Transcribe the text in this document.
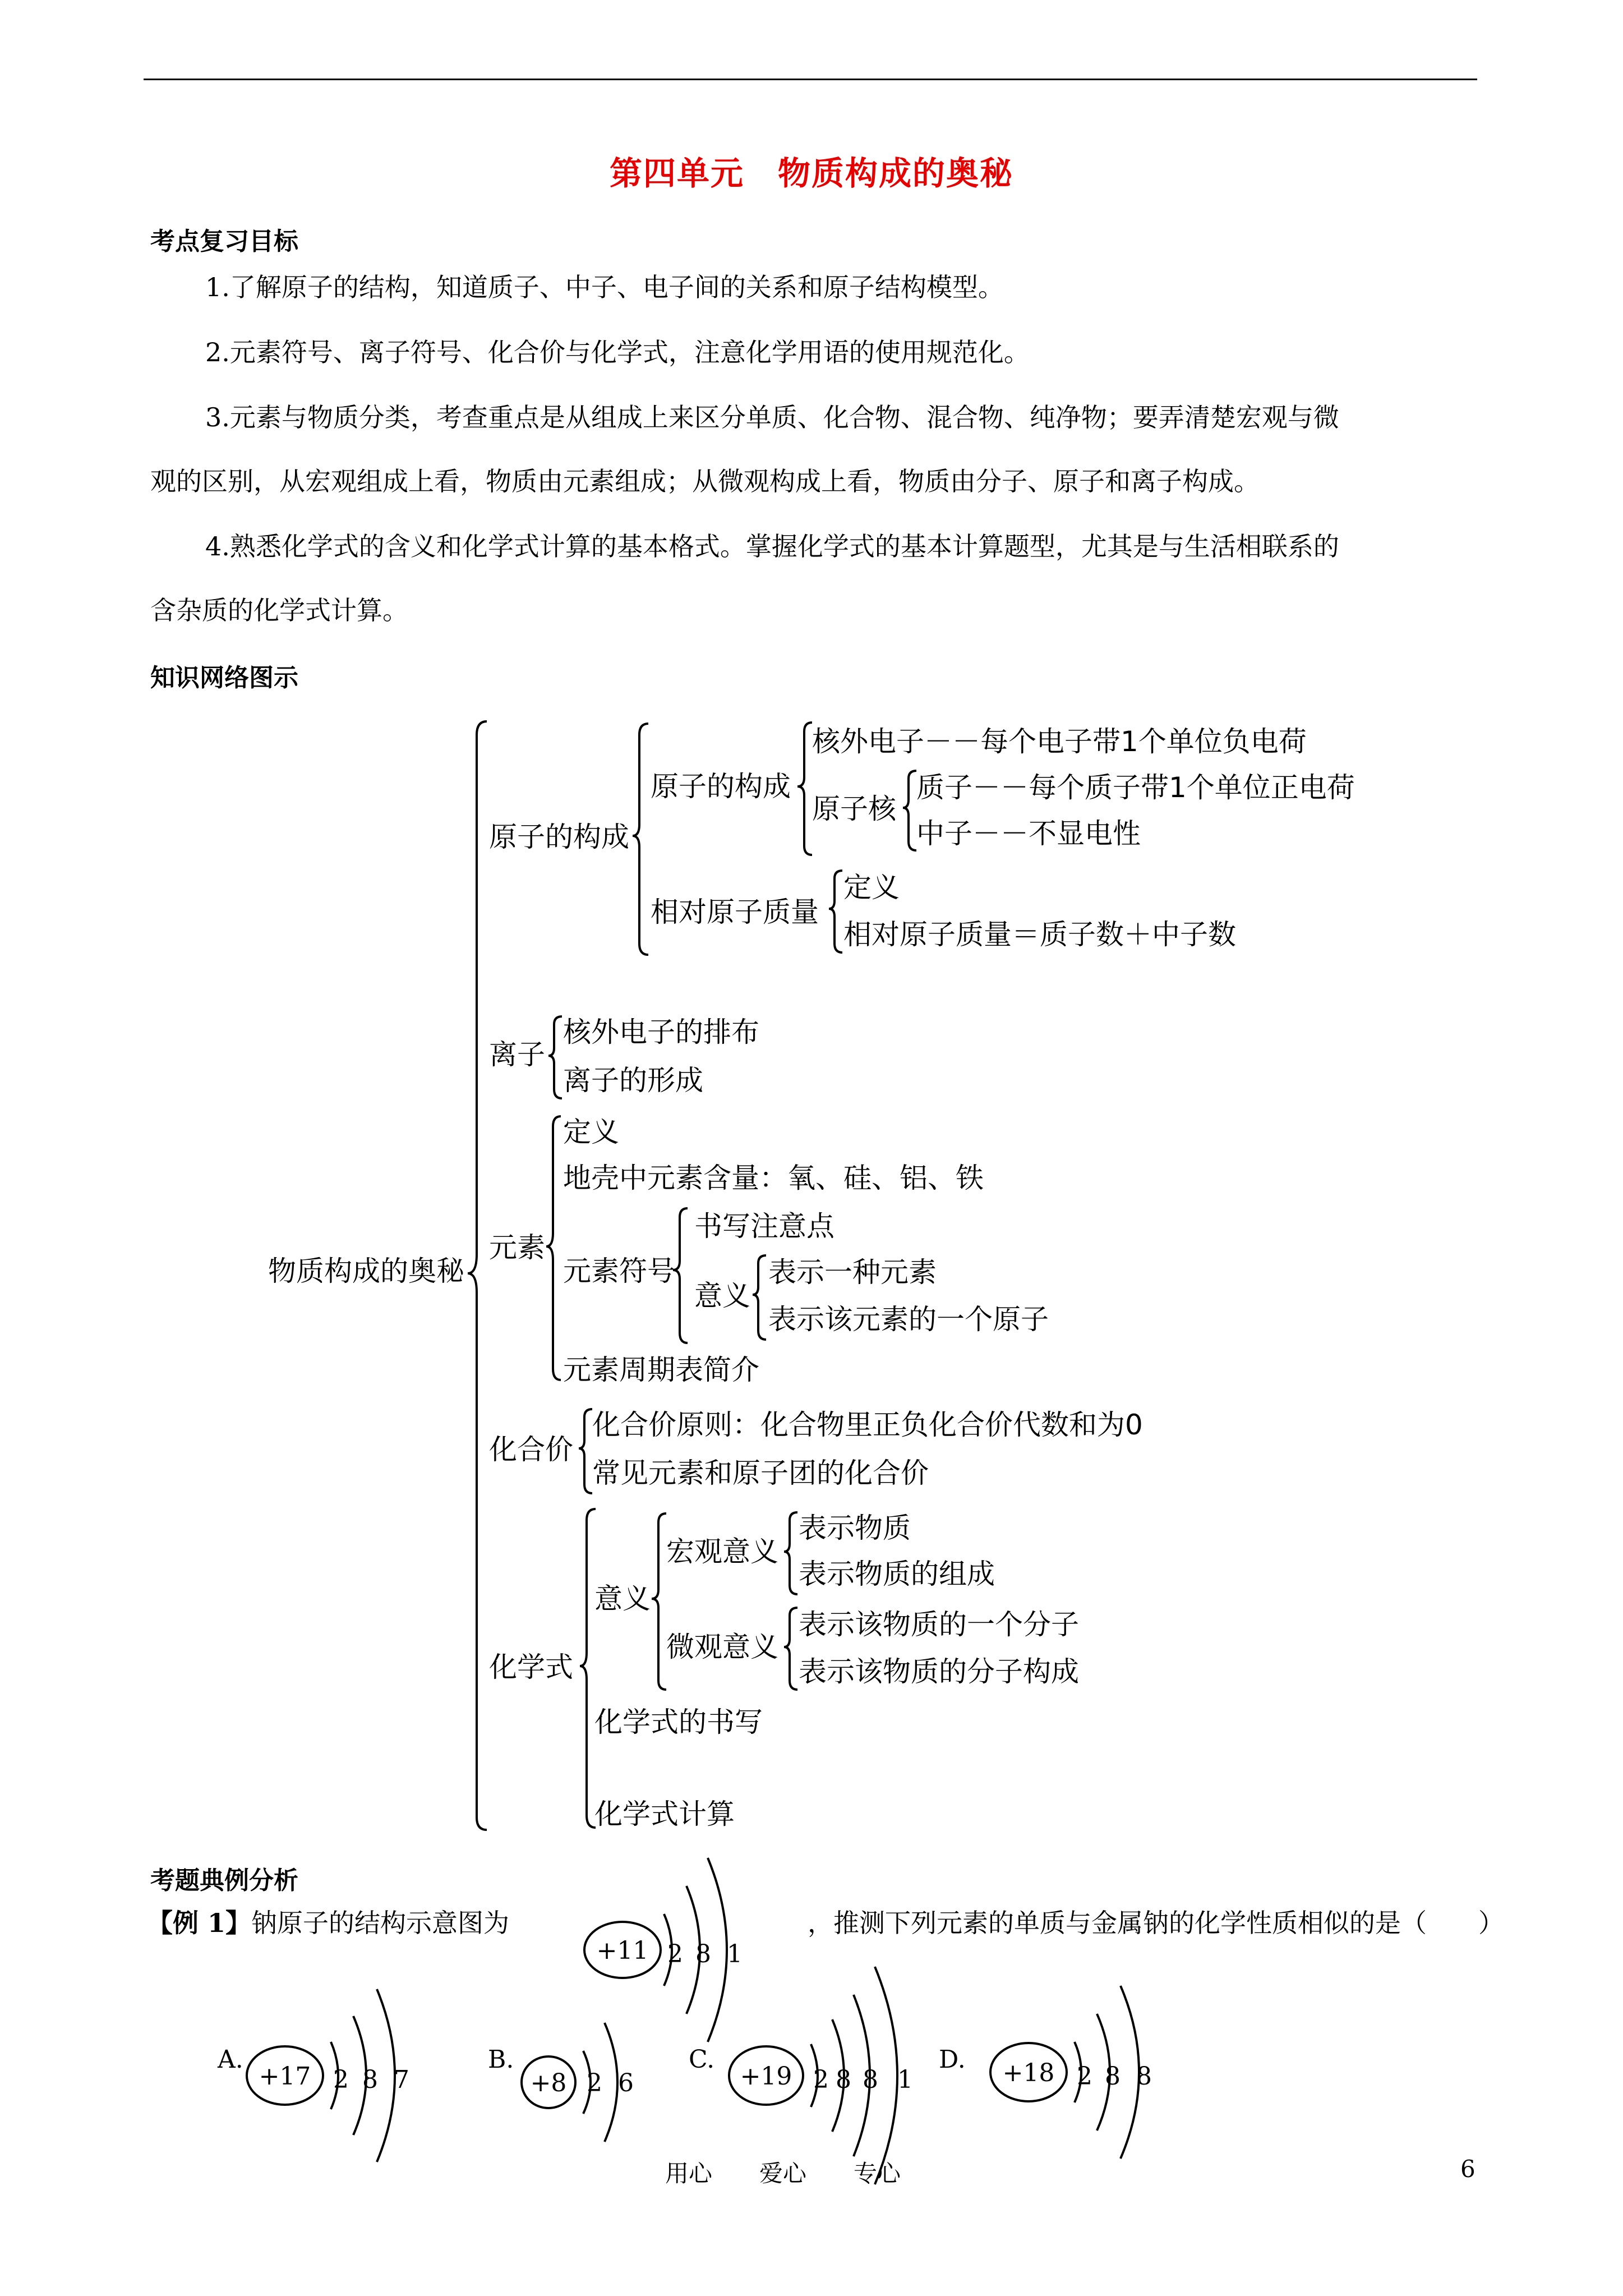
第四单元　物质构成的奥秘
考点复习目标
1.了解原子的结构，知道质子、中子、电子间的关系和原子结构模型。
2.元素符号、离子符号、化合价与化学式，注意化学用语的使用规范化。
3.元素与物质分类，考查重点是从组成上来区分单质、化合物、混合物、纯净物；要弄清楚宏观与微
观的区别，从宏观组成上看，物质由元素组成；从微观构成上看，物质由分子、原子和离子构成。
4.熟悉化学式的含义和化学式计算的基本格式。掌握化学式的基本计算题型，尤其是与生活相联系的
含杂质的化学式计算。
知识网络图示
物质构成的奥秘
原子的构成
原子的构成
核外电子－－每个电子带1个单位负电荷
原子核
质子－－每个质子带1个单位正电荷
中子－－不显电性
相对原子质量
定义
相对原子质量＝质子数＋中子数
离子
核外电子的排布
离子的形成
元素
定义
地壳中元素含量：氧、硅、铝、铁
元素符号
书写注意点
意义
表示一种元素
表示该元素的一个原子
元素周期表简介
化合价
化合价原则：化合物里正负化合价代数和为0
常见元素和原子团的化合价
化学式
意义
宏观意义
表示物质
表示物质的组成
微观意义
表示该物质的一个分子
表示该物质的分子构成
化学式的书写
化学式计算
考题典例分析
【例 1】钠原子的结构示意图为	，推测下列元素的单质与金属钠的化学性质相似的是（　　）
+11 2 8 1
A.
+17 2 8 7
B.
+8 2 6
C.
+19 2 8 8 1
D. +18 2 8 8
用心　　爱心　　专心	6
